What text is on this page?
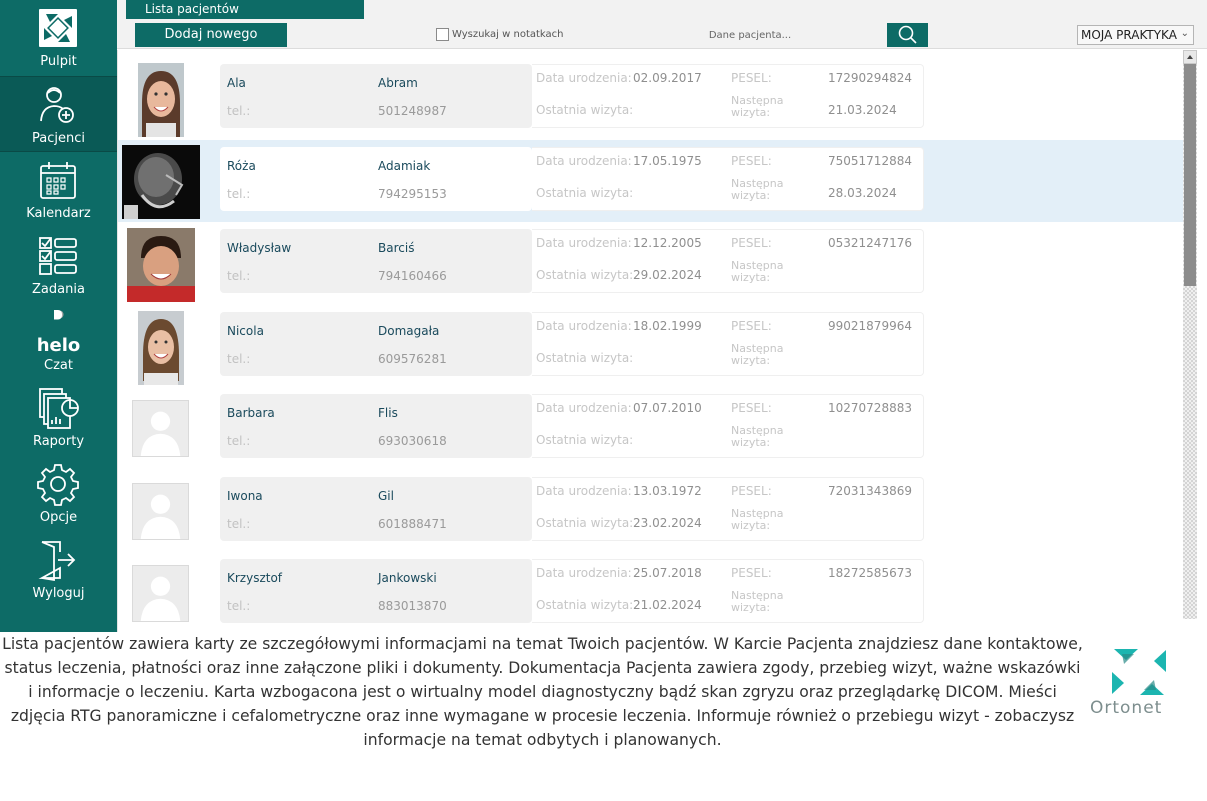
Pulpit
Pacjenci
Kalendarz
Zadania
helo
Czat
Raporty
Opcje
Wyloguj
Lista pacjentów
Dodaj nowego	Wyszukaj w notatkach
Dane pacjenta...	MOJA PRAKTYKA ⌄
Ala	Abram
tel.:	501248987
Data urodzenia: 02.09.2017
Ostatnia wizyta:
PESEL:	17290294824
Następna wizyta:	21.03.2024
Róża	Adamiak
tel.:	794295153
Data urodzenia: 17.05.1975
Ostatnia wizyta:
PESEL:	75051712884
Następna wizyta:	28.03.2024
Władysław	Barciś
tel.:	794160466
Data urodzenia: 12.12.2005
Ostatnia wizyta: 29.02.2024
PESEL:	05321247176
Następna wizyta:
Nicola	Domagała
tel.:	609576281
Data urodzenia: 18.02.1999
Ostatnia wizyta:
PESEL:	99021879964
Następna wizyta:
Barbara	Flis
tel.:	693030618
Data urodzenia: 07.07.2010
Ostatnia wizyta:
PESEL:	10270728883
Następna wizyta:
Iwona	Gil
tel.:	601888471
Data urodzenia: 13.03.1972
Ostatnia wizyta: 23.02.2024
PESEL:	72031343869
Następna wizyta:
Krzysztof	Jankowski
tel.:	883013870
Data urodzenia: 25.07.2018
Ostatnia wizyta: 21.02.2024
PESEL:	18272585673
Następna wizyta:
Lista pacjentów zawiera karty ze szczegółowymi informacjami na temat Twoich pacjentów. W Karcie Pacjenta znajdziesz dane kontaktowe, status leczenia, płatności oraz inne załączone pliki i dokumenty. Dokumentacja Pacjenta zawiera zgody, przebieg wizyt, ważne wskazówki i informacje o leczeniu. Karta wzbogacona jest o wirtualny model diagnostyczny bądź skan zgryzu oraz przeglądarkę DICOM. Mieści zdjęcia RTG panoramiczne i cefalometryczne oraz inne wymagane w procesie leczenia. Informuje również o przebiegu wizyt - zobaczysz informacje na temat odbytych i planowanych.
Ortonet
